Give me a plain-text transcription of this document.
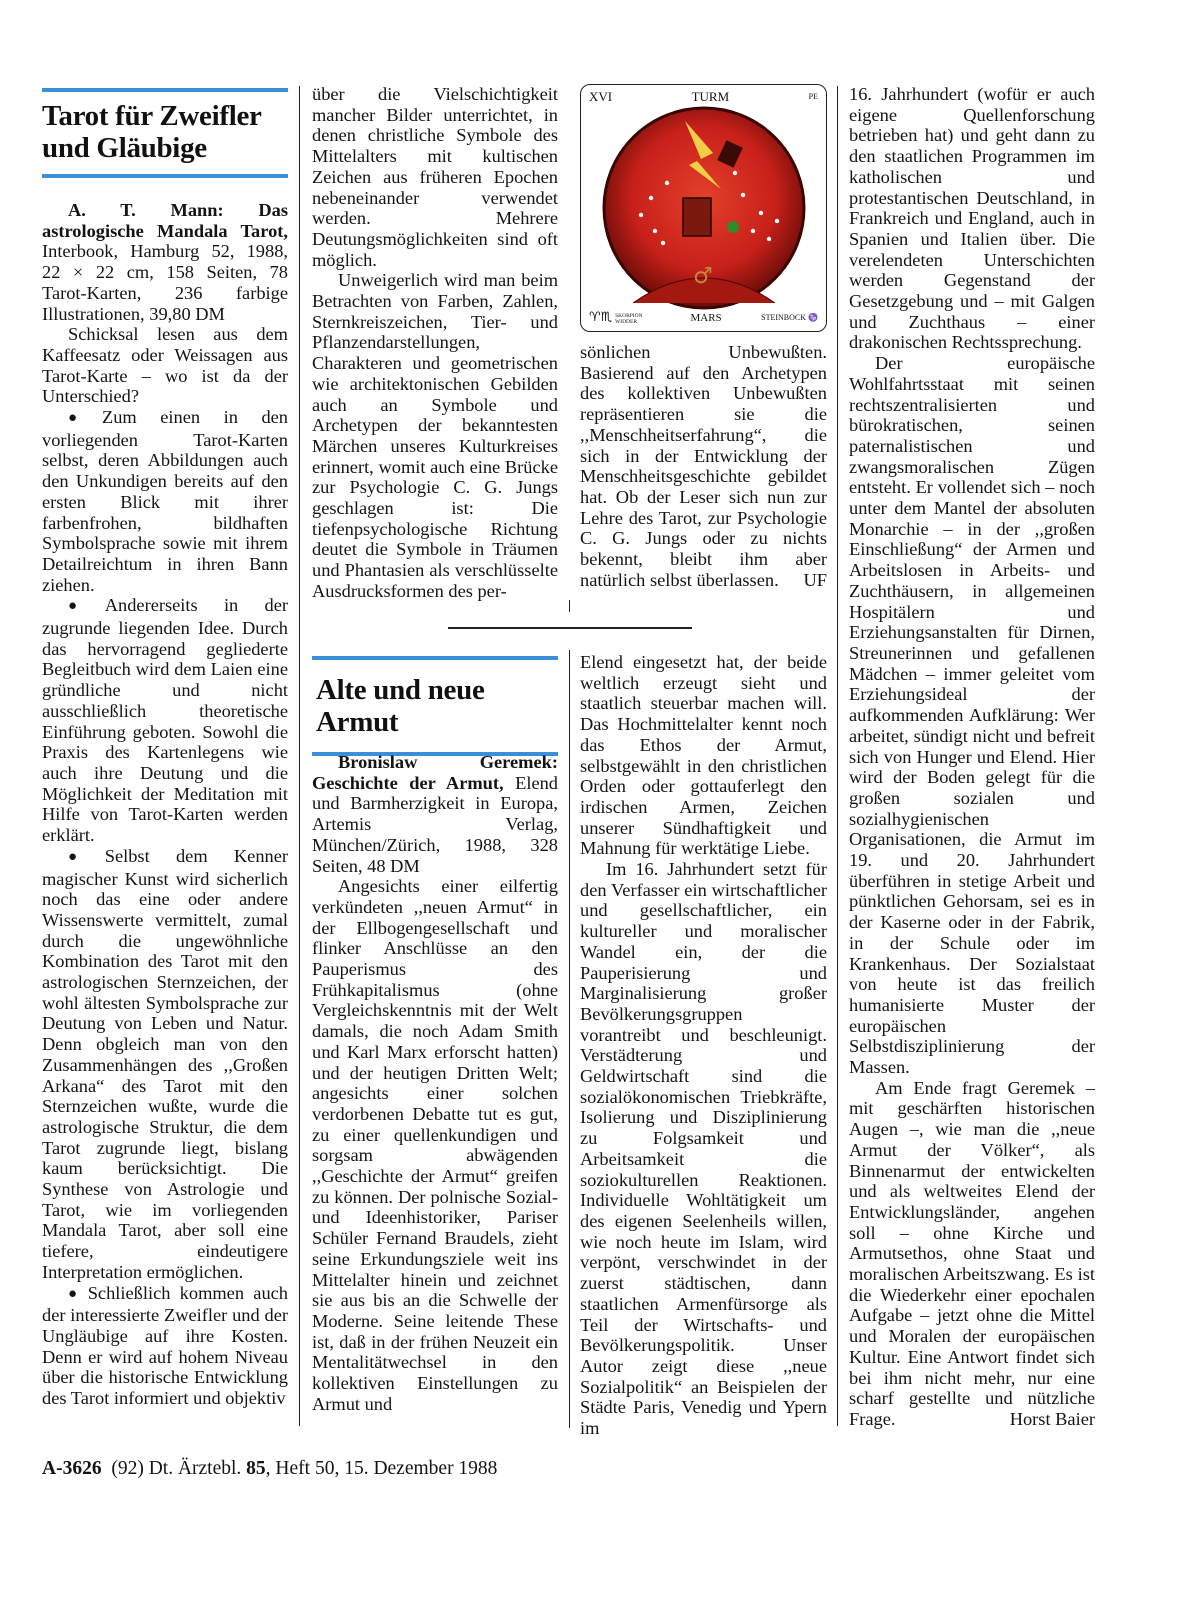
Tarot für Zweifler und Gläubige

A. T. Mann: Das astrologische Mandala Tarot, Interbook, Hamburg 52, 1988, 22 × 22 cm, 158 Seiten, 78 Tarot-Karten, 236 farbige Illustrationen, 39,80 DM

Schicksal lesen aus dem Kaffeesatz oder Weissagen aus Tarot-Karte – wo ist da der Unterschied?

● Zum einen in den vorliegenden Tarot-Karten selbst, deren Abbildungen auch den Unkundigen bereits auf den ersten Blick mit ihrer farbenfrohen, bildhaften Symbolsprache sowie mit ihrem Detailreichtum in ihren Bann ziehen.

● Andererseits in der zugrunde liegenden Idee. Durch das hervorragend gegliederte Begleitbuch wird dem Laien eine gründliche und nicht ausschließlich theoretische Einführung geboten. Sowohl die Praxis des Kartenlegens wie auch ihre Deutung und die Möglichkeit der Meditation mit Hilfe von Tarot-Karten werden erklärt.

● Selbst dem Kenner magischer Kunst wird sicherlich noch das eine oder andere Wissenswerte vermittelt, zumal durch die ungewöhnliche Kombination des Tarot mit den astrologischen Sternzeichen, der wohl ältesten Symbolsprache zur Deutung von Leben und Natur. Denn obgleich man von den Zusammenhängen des ,,Großen Arkana“ des Tarot mit den Sternzeichen wußte, wurde die astrologische Struktur, die dem Tarot zugrunde liegt, bislang kaum berücksichtigt. Die Synthese von Astrologie und Tarot, wie im vorliegenden Mandala Tarot, aber soll eine tiefere, eindeutigere Interpretation ermöglichen.

● Schließlich kommen auch der interessierte Zweifler und der Ungläubige auf ihre Kosten. Denn er wird auf hohem Niveau über die historische Entwicklung des Tarot informiert und objektiv

über die Vielschichtigkeit mancher Bilder unterrichtet, in denen christliche Symbole des Mittelalters mit kultischen Zeichen aus früheren Epochen nebeneinander verwendet werden. Mehrere Deutungsmöglichkeiten sind oft möglich.

Unweigerlich wird man beim Betrachten von Farben, Zahlen, Sternkreiszeichen, Tier- und Pflanzendarstellungen, Charakteren und geometrischen wie architektonischen Gebilden auch an Symbole und Archetypen der bekanntesten Märchen unseres Kulturkreises erinnert, womit auch eine Brücke zur Psychologie C. G. Jungs geschlagen ist: Die tiefenpsychologische Richtung deutet die Symbole in Träumen und Phantasien als verschlüsselte Ausdrucksformen des per-

Alte und neue Armut

Bronislaw Geremek: Geschichte der Armut, Elend und Barmherzigkeit in Europa, Artemis Verlag, München/Zürich, 1988, 328 Seiten, 48 DM

Angesichts einer eilfertig verkündeten ,,neuen Armut“ in der Ellbogengesellschaft und flinker Anschlüsse an den Pauperismus des Frühkapitalismus (ohne Vergleichskenntnis mit der Welt damals, die noch Adam Smith und Karl Marx erforscht hatten) und der heutigen Dritten Welt; angesichts einer solchen verdorbenen Debatte tut es gut, zu einer quellenkundigen und sorgsam abwägenden ,,Geschichte der Armut“ greifen zu können. Der polnische Sozial- und Ideenhistoriker, Pariser Schüler Fernand Braudels, zieht seine Erkundungsziele weit ins Mittelalter hinein und zeichnet sie aus bis an die Schwelle der Moderne. Seine leitende These ist, daß in der frühen Neuzeit ein Mentalitätwechsel in den kollektiven Einstellungen zu Armut und

XVI	TURM	PE
♂
♈♏ SKORPION WIDDER	MARS	STEINBOCK ♑

sönlichen Unbewußten. Basierend auf den Archetypen des kollektiven Unbewußten repräsentieren sie die ,,Menschheitserfahrung“, die sich in der Entwicklung der Menschheitsgeschichte gebildet hat. Ob der Leser sich nun zur Lehre des Tarot, zur Psychologie C. G. Jungs oder zu nichts bekennt, bleibt ihm aber natürlich selbst überlassen.	UF

Elend eingesetzt hat, der beide weltlich erzeugt sieht und staatlich steuerbar machen will. Das Hochmittelalter kennt noch das Ethos der Armut, selbstgewählt in den christlichen Orden oder gottauferlegt den irdischen Armen, Zeichen unserer Sündhaftigkeit und Mahnung für werktätige Liebe.

Im 16. Jahrhundert setzt für den Verfasser ein wirtschaftlicher und gesellschaftlicher, ein kultureller und moralischer Wandel ein, der die Pauperisierung und Marginalisierung großer Bevölkerungsgruppen vorantreibt und beschleunigt. Verstädterung und Geldwirtschaft sind die sozialökonomischen Triebkräfte, Isolierung und Disziplinierung zu Folgsamkeit und Arbeitsamkeit die soziokulturellen Reaktionen. Individuelle Wohltätigkeit um des eigenen Seelenheils willen, wie noch heute im Islam, wird verpönt, verschwindet in der zuerst städtischen, dann staatlichen Armenfürsorge als Teil der Wirtschafts- und Bevölkerungspolitik. Unser Autor zeigt diese ,,neue Sozialpolitik“ an Beispielen der Städte Paris, Venedig und Ypern im

16. Jahrhundert (wofür er auch eigene Quellenforschung betrieben hat) und geht dann zu den staatlichen Programmen im katholischen und protestantischen Deutschland, in Frankreich und England, auch in Spanien und Italien über. Die verelendeten Unterschichten werden Gegenstand der Gesetzgebung und – mit Galgen und Zuchthaus – einer drakonischen Rechtssprechung.

Der europäische Wohlfahrtsstaat mit seinen rechtszentralisierten und bürokratischen, seinen paternalistischen und zwangsmoralischen Zügen entsteht. Er vollendet sich – noch unter dem Mantel der absoluten Monarchie – in der ,,großen Einschließung“ der Armen und Arbeitslosen in Arbeits- und Zuchthäusern, in allgemeinen Hospitälern und Erziehungsanstalten für Dirnen, Streunerinnen und gefallenen Mädchen – immer geleitet vom Erziehungsideal der aufkommenden Aufklärung: Wer arbeitet, sündigt nicht und befreit sich von Hunger und Elend. Hier wird der Boden gelegt für die großen sozialen und sozialhygienischen Organisationen, die Armut im 19. und 20. Jahrhundert überführen in stetige Arbeit und pünktlichen Gehorsam, sei es in der Kaserne oder in der Fabrik, in der Schule oder im Krankenhaus. Der Sozialstaat von heute ist das freilich humanisierte Muster der europäischen Selbstdisziplinierung der Massen.

Am Ende fragt Geremek – mit geschärften historischen Augen –, wie man die ,,neue Armut der Völker“, als Binnenarmut der entwickelten und als weltweites Elend der Entwicklungsländer, angehen soll – ohne Kirche und Armutsethos, ohne Staat und moralischen Arbeitszwang. Es ist die Wiederkehr einer epochalen Aufgabe – jetzt ohne die Mittel und Moralen der europäischen Kultur. Eine Antwort findet sich bei ihm nicht mehr, nur eine scharf gestellte und nützliche Frage.	Horst Baier

A-3626  (92) Dt. Ärztebl. 85, Heft 50, 15. Dezember 1988
